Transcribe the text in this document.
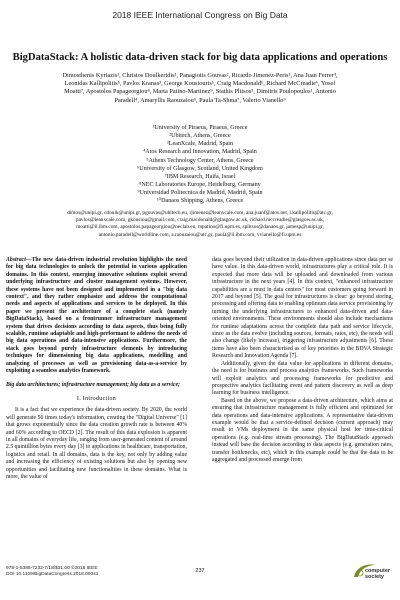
2018 IEEE International Congress on Big Data
BigDataStack: A holistic data-driven stack for big data applications and operations
Dimosthenis Kyriazis¹, Christos Doulkeridis¹, Panagiotis Gouvas², Ricardo Jimenez-Peris³, Ana Juan Ferrer⁴,
Leonidas Kallipolitis⁵, Pavlos Kranas³, George Kousiouris⁵, Craig Macdonald⁶, Richard McCreadie⁶, Yosef
Moatti⁷, Apostolos Papageorgiou⁸, Marta Patino-Martinez⁹, Stathis Plitsos⁵, Dimitris Poulopoulos¹, Antonio
Paradell⁴, Amaryllis Raouzaiou⁵, Paula Ta-Shma⁷, Valerio Vianello⁹
¹University of Piraeus, Piraeus, Greece
²Ubitech, Athens, Greece
³LeanXcale, Madrid, Spain
⁴Atos Research and Innovation, Madrid, Spain
⁵Athens Technology Center, Athens, Greece
⁶University of Glasgow, Scotland, United Kingdom
⁷IBM Research, Haifa, Israel
⁸NEC Laboratories Europe, Heidelberg, Germany
⁹Universidad Politecnica de Madrid, Madrid, Spain
¹⁰Danaos Shipping, Athens, Greece
dimos@unipi.gr, cdoulk@unipi.gr, pgouvas@ubitech.eu, rjimenez@leanxcale.com, ana.juanf@atos.net, l.kallipolitis@atc.gr,
pavlos@leanxcale.com, gkousiou@gmail.com, craig.macdonald@glasgow.ac.uk, richard.mccreadie@glasgow.ac.uk,
moatti@il.ibm.com, apostolos.papageorgiou@neclab.eu, mpatino@fi.upm.es, splitsos@danaos.gr, jamesp@unipi.gr,
antonio.paradell@worldline.com, a.raouzaiou@atc.gr, paula@il.ibm.com, vvianello@fi.upm.es
Abstract—The new data-driven industrial revolution highlights the need for big data technologies to unlock the potential in various application domains. In this context, emerging innovative solutions exploit several underlying infrastructure and cluster management systems. However, these systems have not been designed and implemented in a "big data context", and they rather emphasize and address the computational needs and aspects of applications and services to be deployed. In this paper we present the architecture of a complete stack (namely BigDataStack), based on a frontrunner infrastructure management system that drives decisions according to data aspects, thus being fully scalable, runtime adaptable and high-performant to address the needs of big data operations and data-intensive applications. Furthermore, the stack goes beyond purely infrastructure elements by introducing techniques for dimensioning big data applications, modelling and analyzing of processes as well as provisioning data-as-a-service by exploiting a seamless analytics framework.
Big data architectures; infrastructure management; big data as a service;
I. Introduction
It is a fact that we experience the data-driven society. By 2020, the world will generate 50 times today's information, creating the "Digital Universe" [1] that grows exponentially since the data creation growth rate is between 40% and 60% according to OECD [2]. The result of this data explosion is apparent in all domains of everyday life, ranging from user-generated content of around 2.5 quintillion bytes every day [3] to applications in healthcare, transportation, logistics and retail. In all domains, data is the key, not only by adding value and increasing the efficiency of existing solutions but also by opening new opportunities and facilitating new functionalities in these domains. What is more, the value of
data goes beyond their utilization in data-driven applications since data per se have value. In this data-driven world, infrastructures play a critical role. It is expected that more data will be uploaded and downloaded from various infrastructure in the next years [4]. In this context, "enhanced infrastructure capabilities are a must in data centers" for most customers going forward in 2017 and beyond [5]. The goal for infrastructures is clear: go beyond storing, processing and offering data to enabling optimum data service provisioning by turning the underlying infrastructures to enhanced data-driven and data-oriented environments. These environments should also include mechanisms for runtime adaptations across the complete data path and service lifecycle, since as the data evolve (including sources, formats, rates, etc), the needs will also change (likely increase), triggering infrastructure adjustments [6]. These items have also been characterised as of key priorities in the BDVA Strategic Research and Innovation Agenda [7].
Additionally, given the data value for applications in different domains, the need is for business and process analytics frameworks. Such frameworks will exploit analytics and processing frameworks for predictive and prospective analytics facilitating event and pattern discovery as well as deep learning for business intelligence.
Based on the above, we propose a data-driven architecture, which aims at ensuring that infrastructure management is fully efficient and optimized for data operations and data-intensive applications. A representative data-driven example would be that a service-defined decision (current approach) may result to VMs deployment in the same physical host for time-critical operations (e.g. real-time stream processing). The BigDataStack approach instead will base the decision according to data aspects (e.g. generation rates, transfer bottlenecks, etc), which in this example could be that the data to be aggregated and processed emerge from
978-1-5386-7232-7/18/$31.00 ©2018 IEEE
DOI 10.1109/BigDataCongress.2018.00041
237	computer
society
